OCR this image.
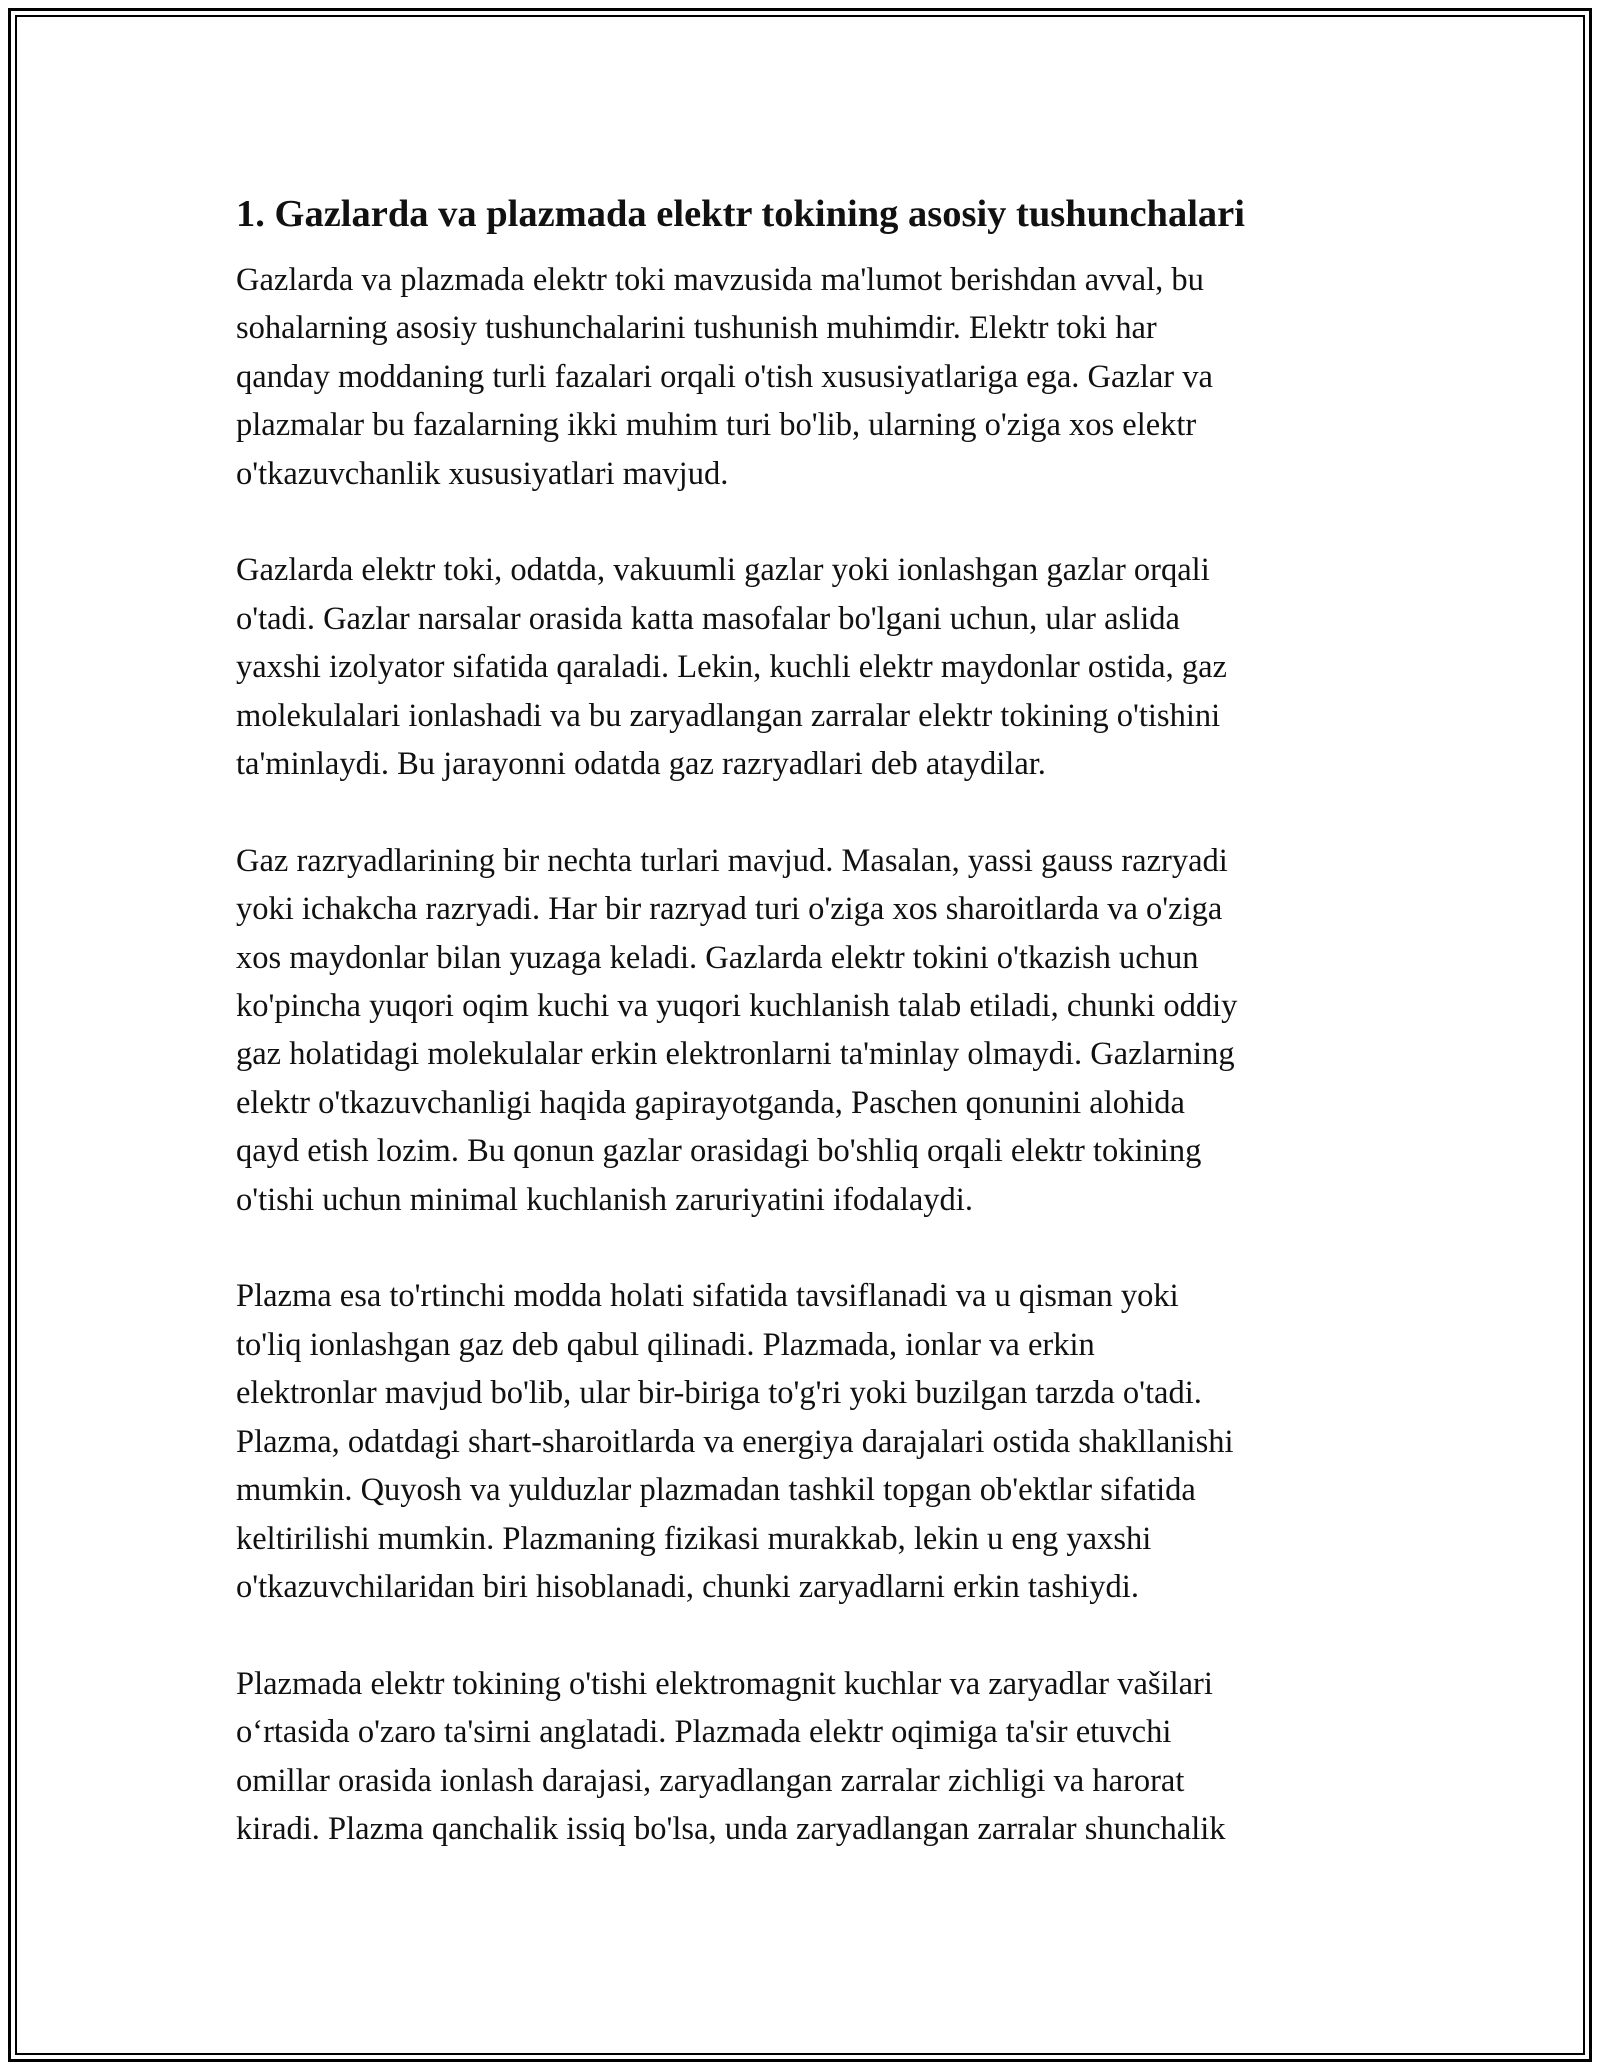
1. Gazlarda va plazmada elektr tokining asosiy tushunchalari
Gazlarda va plazmada elektr toki mavzusida ma'lumot berishdan avval, bu
sohalarning asosiy tushunchalarini tushunish muhimdir. Elektr toki har
qanday moddaning turli fazalari orqali o'tish xususiyatlariga ega. Gazlar va
plazmalar bu fazalarning ikki muhim turi bo'lib, ularning o'ziga xos elektr
o'tkazuvchanlik xususiyatlari mavjud.
Gazlarda elektr toki, odatda, vakuumli gazlar yoki ionlashgan gazlar orqali
o'tadi. Gazlar narsalar orasida katta masofalar bo'lgani uchun, ular aslida
yaxshi izolyator sifatida qaraladi. Lekin, kuchli elektr maydonlar ostida, gaz
molekulalari ionlashadi va bu zaryadlangan zarralar elektr tokining o'tishini
ta'minlaydi. Bu jarayonni odatda gaz razryadlari deb ataydilar.
Gaz razryadlarining bir nechta turlari mavjud. Masalan, yassi gauss razryadi
yoki ichakcha razryadi. Har bir razryad turi o'ziga xos sharoitlarda va o'ziga
xos maydonlar bilan yuzaga keladi. Gazlarda elektr tokini o'tkazish uchun
ko'pincha yuqori oqim kuchi va yuqori kuchlanish talab etiladi, chunki oddiy
gaz holatidagi molekulalar erkin elektronlarni ta'minlay olmaydi. Gazlarning
elektr o'tkazuvchanligi haqida gapirayotganda, Paschen qonunini alohida
qayd etish lozim. Bu qonun gazlar orasidagi bo'shliq orqali elektr tokining
o'tishi uchun minimal kuchlanish zaruriyatini ifodalaydi.
Plazma esa to'rtinchi modda holati sifatida tavsiflanadi va u qisman yoki
to'liq ionlashgan gaz deb qabul qilinadi. Plazmada, ionlar va erkin
elektronlar mavjud bo'lib, ular bir-biriga to'g'ri yoki buzilgan tarzda o'tadi.
Plazma, odatdagi shart-sharoitlarda va energiya darajalari ostida shakllanishi
mumkin. Quyosh va yulduzlar plazmadan tashkil topgan ob'ektlar sifatida
keltirilishi mumkin. Plazmaning fizikasi murakkab, lekin u eng yaxshi
o'tkazuvchilaridan biri hisoblanadi, chunki zaryadlarni erkin tashiydi.
Plazmada elektr tokining o'tishi elektromagnit kuchlar va zaryadlar vašilari
o‘rtasida o'zaro ta'sirni anglatadi. Plazmada elektr oqimiga ta'sir etuvchi
omillar orasida ionlash darajasi, zaryadlangan zarralar zichligi va harorat
kiradi. Plazma qanchalik issiq bo'lsa, unda zaryadlangan zarralar shunchalik
